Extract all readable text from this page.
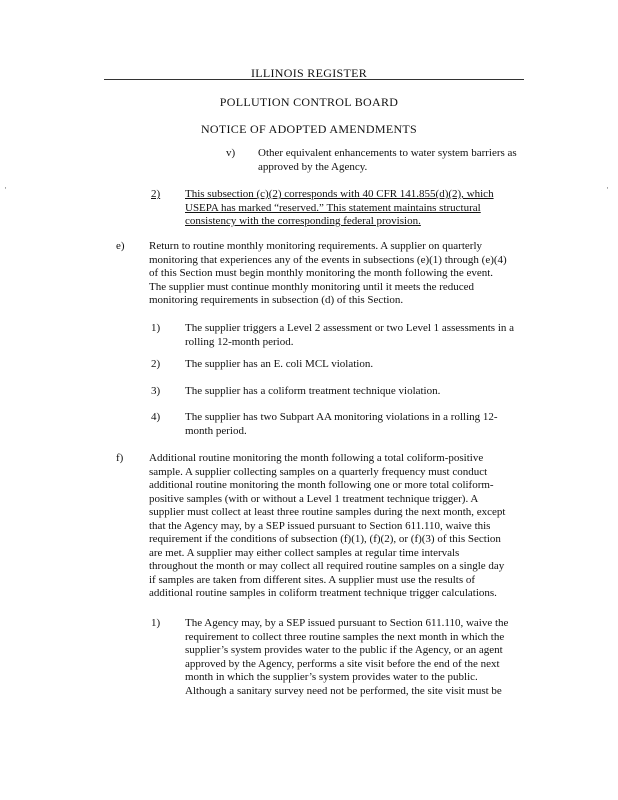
ILLINOIS REGISTER
POLLUTION CONTROL BOARD
NOTICE OF ADOPTED AMENDMENTS
·	·
v) Other equivalent enhancements to water system barriers as
approved by the Agency.
2) This subsection (c)(2) corresponds with 40 CFR 141.855(d)(2), which
USEPA has marked “reserved.” This statement maintains structural
consistency with the corresponding federal provision.
e) Return to routine monthly monitoring requirements. A supplier on quarterly
monitoring that experiences any of the events in subsections (e)(1) through (e)(4)
of this Section must begin monthly monitoring the month following the event.
The supplier must continue monthly monitoring until it meets the reduced
monitoring requirements in subsection (d) of this Section.
1) The supplier triggers a Level 2 assessment or two Level 1 assessments in a
rolling 12-month period.
2) The supplier has an E. coli MCL violation.
3) The supplier has a coliform treatment technique violation.
4) The supplier has two Subpart AA monitoring violations in a rolling 12-
month period.
f) Additional routine monitoring the month following a total coliform-positive
sample. A supplier collecting samples on a quarterly frequency must conduct
additional routine monitoring the month following one or more total coliform-
positive samples (with or without a Level 1 treatment technique trigger). A
supplier must collect at least three routine samples during the next month, except
that the Agency may, by a SEP issued pursuant to Section 611.110, waive this
requirement if the conditions of subsection (f)(1), (f)(2), or (f)(3) of this Section
are met. A supplier may either collect samples at regular time intervals
throughout the month or may collect all required routine samples on a single day
if samples are taken from different sites. A supplier must use the results of
additional routine samples in coliform treatment technique trigger calculations.
1) The Agency may, by a SEP issued pursuant to Section 611.110, waive the
requirement to collect three routine samples the next month in which the
supplier’s system provides water to the public if the Agency, or an agent
approved by the Agency, performs a site visit before the end of the next
month in which the supplier’s system provides water to the public.
Although a sanitary survey need not be performed, the site visit must be
